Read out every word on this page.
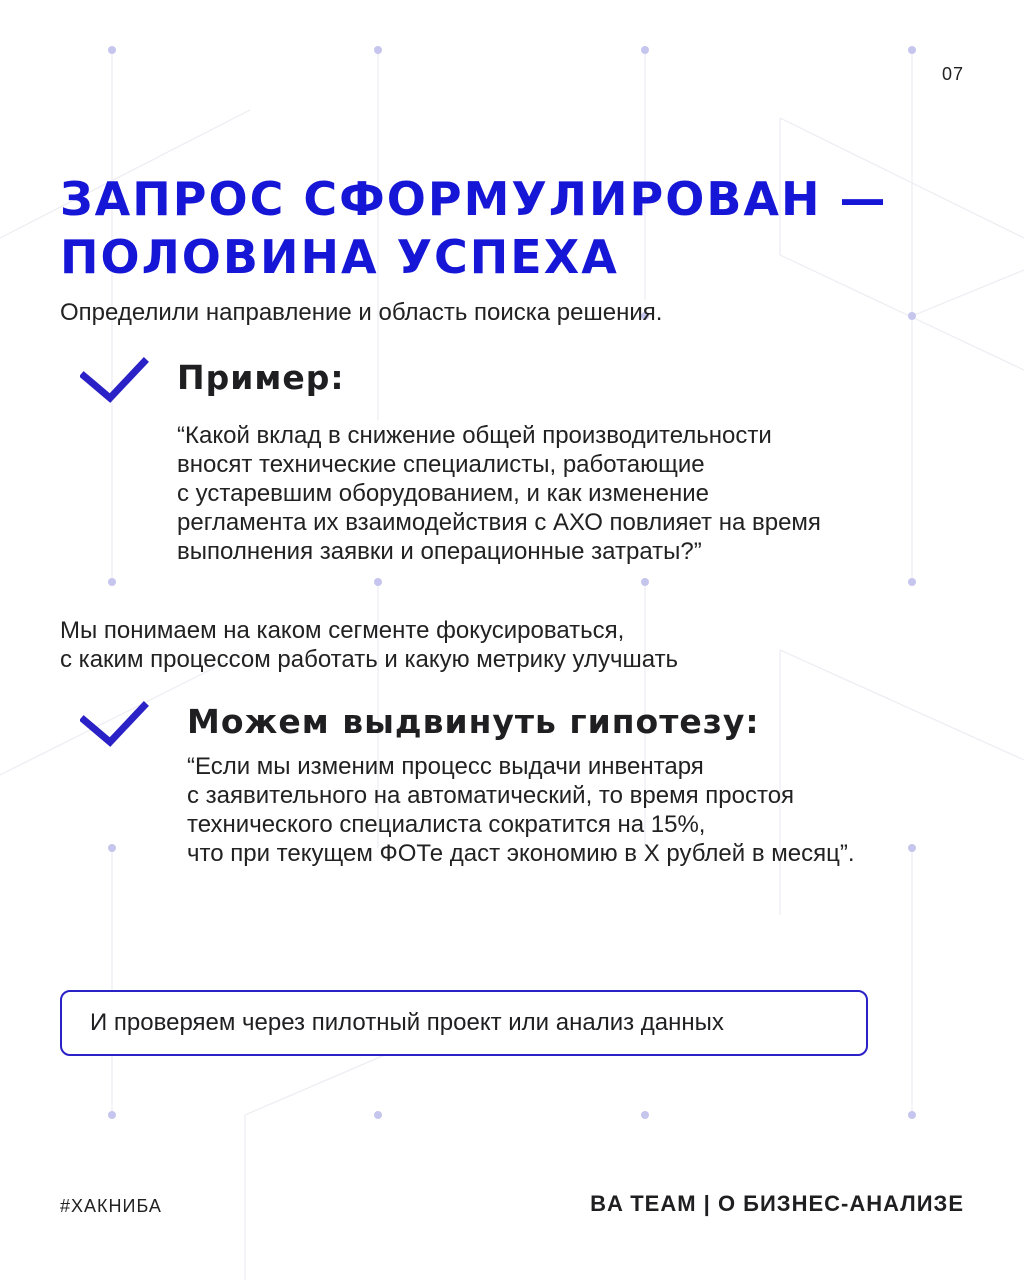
07
ЗАПРОС СФОРМУЛИРОВАН —
ПОЛОВИНА УСПЕХА

Определили направление и область поиска решения.

Пример:

“Какой вклад в снижение общей производительности
вносят технические специалисты, работающие
с устаревшим оборудованием, и как изменение
регламента их взаимодействия с АХО повлияет на время
выполнения заявки и операционные затраты?”

Мы понимаем на каком сегменте фокусироваться,
с каким процессом работать и какую метрику улучшать

Можем выдвинуть гипотезу:

“Если мы изменим процесс выдачи инвентаря
с заявительного на автоматический, то время простоя
технического специалиста сократится на 15%,
что при текущем ФОТе даст экономию в Х рублей в месяц”.

И проверяем через пилотный проект или анализ данных
#ХАКНИБА	BA TEAM | О БИЗНЕС-АНАЛИЗЕ
